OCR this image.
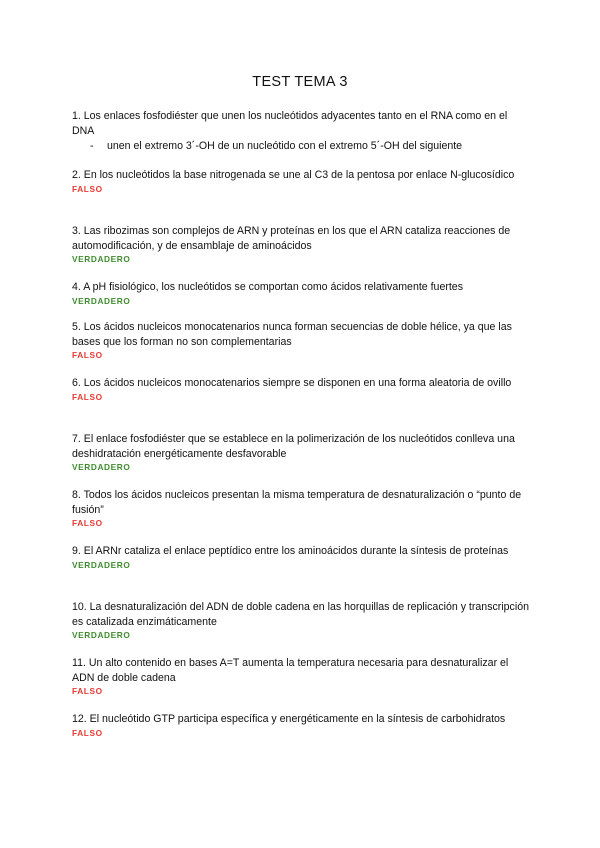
TEST TEMA 3
1. Los enlaces fosfodiéster que unen los nucleótidos adyacentes tanto en el RNA como en el DNA
- unen el extremo 3´-OH de un nucleótido con el extremo 5´-OH del siguiente
2. En los nucleótidos la base nitrogenada se une al C3 de la pentosa por enlace N-glucosídico
FALSO
3. Las ribozimas son complejos de ARN y proteínas en los que el ARN cataliza reacciones de automodificación, y de ensamblaje de aminoácidos
VERDADERO
4. A pH fisiológico, los nucleótidos se comportan como ácidos relativamente fuertes
VERDADERO
5. Los ácidos nucleicos monocatenarios nunca forman secuencias de doble hélice, ya que las bases que los forman no son complementarias
FALSO
6. Los ácidos nucleicos monocatenarios siempre se disponen en una forma aleatoria de ovillo
FALSO
7. El enlace fosfodiéster que se establece en la polimerización de los nucleótidos conlleva una deshidratación energéticamente desfavorable
VERDADERO
8. Todos los ácidos nucleicos presentan la misma temperatura de desnaturalización o “punto de fusión”
FALSO
9. El ARNr cataliza el enlace peptídico entre los aminoácidos durante la síntesis de proteínas
VERDADERO
10. La desnaturalización del ADN de doble cadena en las horquillas de replicación y transcripción es catalizada enzimáticamente
VERDADERO
11. Un alto contenido en bases A=T aumenta la temperatura necesaria para desnaturalizar el ADN de doble cadena
FALSO
12. El nucleótido GTP participa específica y energéticamente en la síntesis de carbohidratos
FALSO
